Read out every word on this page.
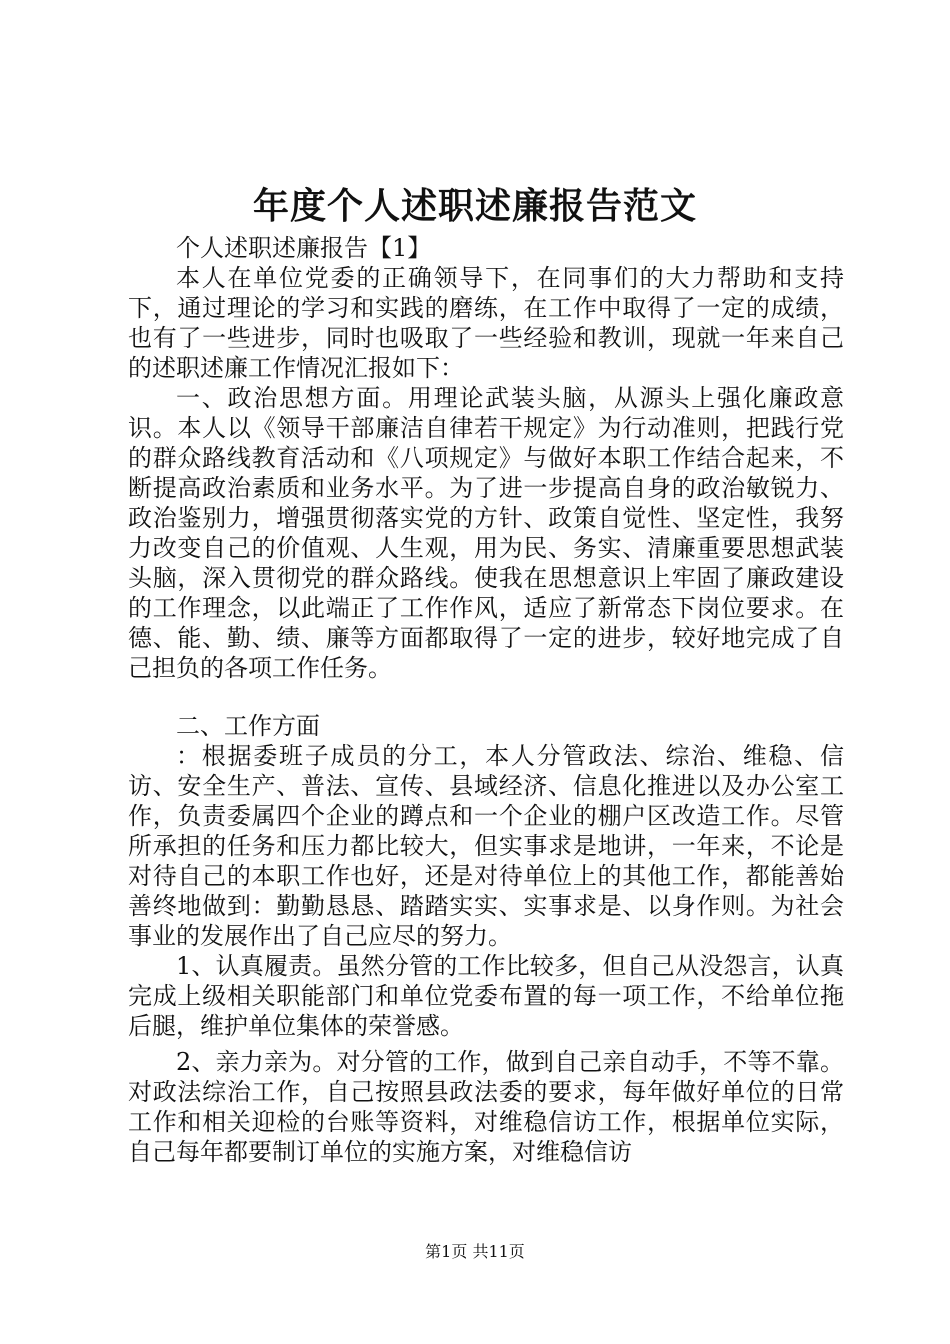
年度个人述职述廉报告范文

个人述职述廉报告【1】

本人在单位党委的正确领导下，在同事们的大力帮助和支持下，通过理论的学习和实践的磨练，在工作中取得了一定的成绩，也有了一些进步，同时也吸取了一些经验和教训，现就一年来自己的述职述廉工作情况汇报如下：

一、政治思想方面。用理论武装头脑，从源头上强化廉政意识。本人以《领导干部廉洁自律若干规定》为行动准则，把践行党的群众路线教育活动和《八项规定》与做好本职工作结合起来，不断提高政治素质和业务水平。为了进一步提高自身的政治敏锐力、政治鉴别力，增强贯彻落实党的方针、政策自觉性、坚定性，我努力改变自己的价值观、人生观，用为民、务实、清廉重要思想武装头脑，深入贯彻党的群众路线。使我在思想意识上牢固了廉政建设的工作理念，以此端正了工作作风，适应了新常态下岗位要求。在德、能、勤、绩、廉等方面都取得了一定的进步，较好地完成了自己担负的各项工作任务。

二、工作方面

：根据委班子成员的分工，本人分管政法、综治、维稳、信访、安全生产、普法、宣传、县域经济、信息化推进以及办公室工作，负责委属四个企业的蹲点和一个企业的棚户区改造工作。尽管所承担的任务和压力都比较大，但实事求是地讲，一年来，不论是对待自己的本职工作也好，还是对待单位上的其他工作，都能善始善终地做到：勤勤恳恳、踏踏实实、实事求是、以身作则。为社会事业的发展作出了自己应尽的努力。

1、认真履责。虽然分管的工作比较多，但自己从没怨言，认真完成上级相关职能部门和单位党委布置的每一项工作，不给单位拖后腿，维护单位集体的荣誉感。

2、亲力亲为。对分管的工作，做到自己亲自动手，不等不靠。对政法综治工作，自己按照县政法委的要求，每年做好单位的日常工作和相关迎检的台账等资料，对维稳信访工作，根据单位实际，自己每年都要制订单位的实施方案，对维稳信访

第1页 共11页
